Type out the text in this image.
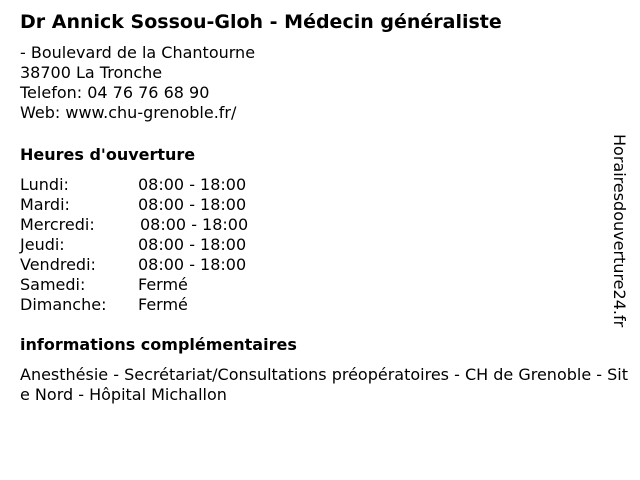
Dr Annick Sossou-Gloh - Médecin généraliste
- Boulevard de la Chantourne
38700 La Tronche
Telefon: 04 76 76 68 90
Web: www.chu-grenoble.fr/
Heures d'ouverture
Lundi:	08:00 - 18:00
Mardi:	08:00 - 18:00
Mercredi:	08:00 - 18:00
Jeudi:	08:00 - 18:00
Vendredi:	08:00 - 18:00
Samedi:	Fermé
Dimanche: Fermé
informations complémentaires
Anesthésie - Secrétariat/Consultations préopératoires - CH de Grenoble - Site Nord - Hôpital Michallon
Horairesdouverture24.fr
